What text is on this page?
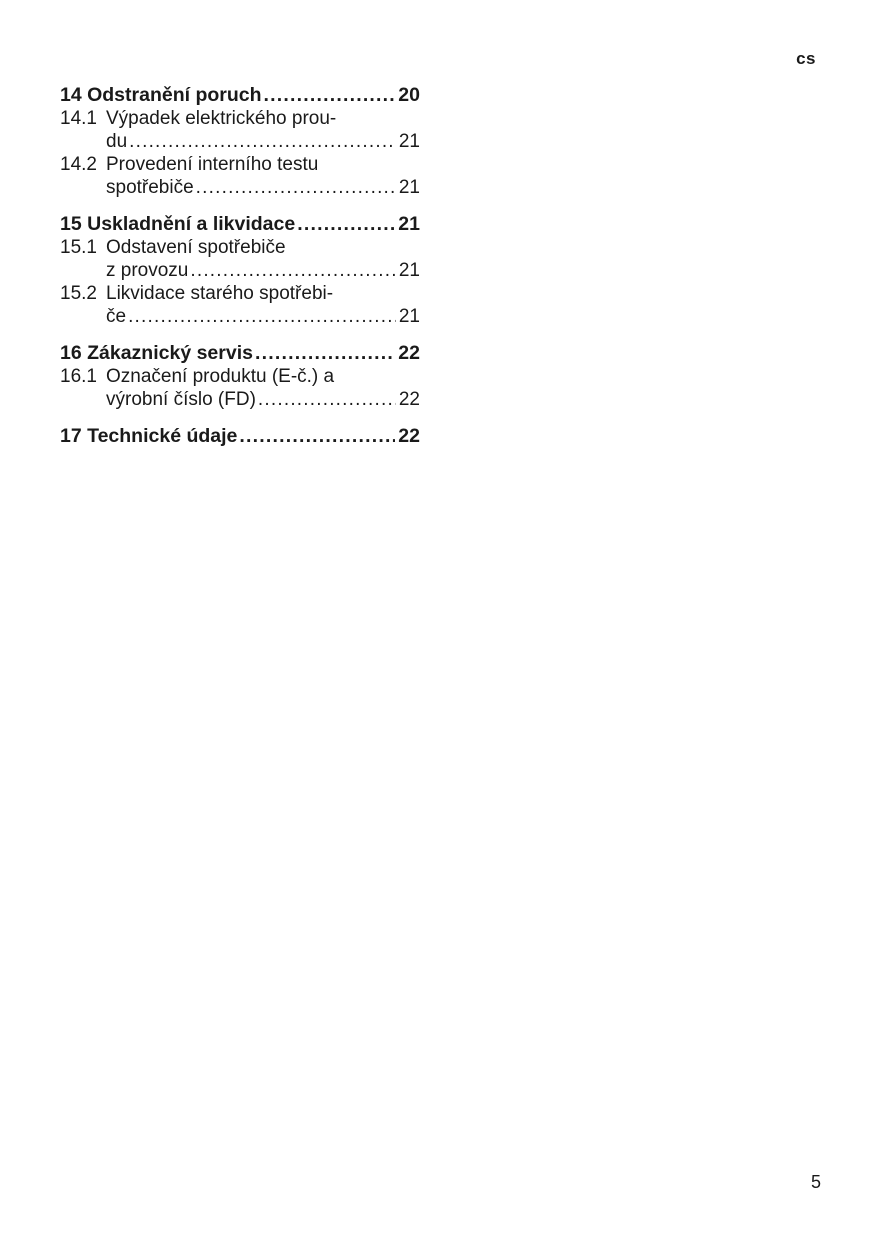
cs
14 Odstranění poruch .....	20
14.1 Výpadek elektrického prou-
du .....	21
14.2 Provedení interního testu
spotřebiče .....	21
15 Uskladnění a likvidace .....	21
15.1 Odstavení spotřebiče
z provozu .....	21
15.2 Likvidace starého spotřebi-
če .....	21
16 Zákaznický servis .....	22
16.1 Označení produktu (E-č.) a
výrobní číslo (FD) .....	22
17 Technické údaje .....	22
5
